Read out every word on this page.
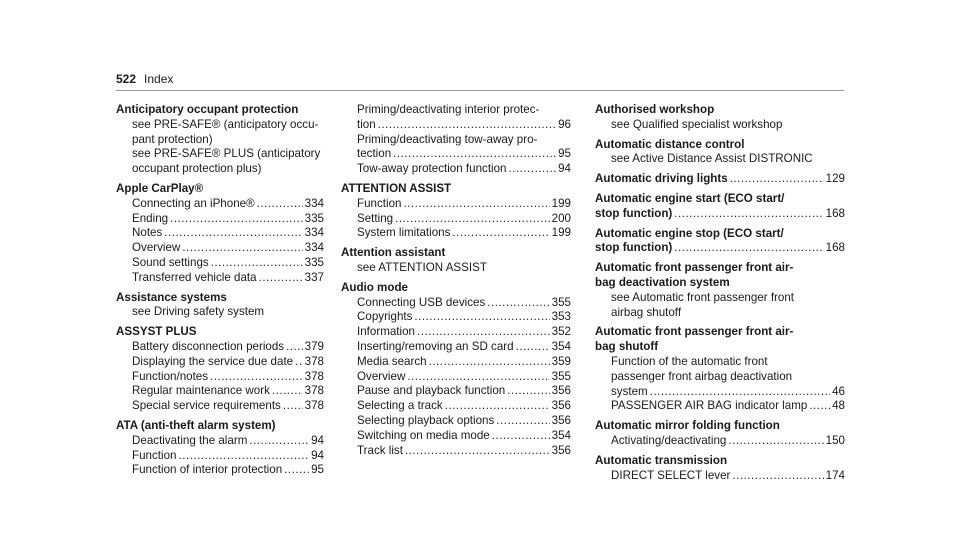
522 Index
Anticipatory occupant protection
see PRE-SAFE® (anticipatory occu-
pant protection)
see PRE-SAFE® PLUS (anticipatory
occupant protection plus)
Apple CarPlay®
Connecting an iPhone® .....	334
Ending .....	335
Notes .....	334
Overview .....	334
Sound settings .....	335
Transferred vehicle data .....	337
Assistance systems
see Driving safety system
ASSYST PLUS
Battery disconnection periods ..... 379
Displaying the service due date ..... 378
Function/notes .....	378
Regular maintenance work .....	378
Special service requirements ..... 378
ATA (anti-theft alarm system)
Deactivating the alarm .....	94
Function .....	94
Function of interior protection ..... 95
Priming/deactivating interior protec-
tion .....	96
Priming/deactivating tow-away pro-
tection .....	95
Tow-away protection function .....	94
ATTENTION ASSIST
Function .....	199
Setting .....	200
System limitations .....	199
Attention assistant
see ATTENTION ASSIST
Audio mode
Connecting USB devices .....	355
Copyrights .....	353
Information .....	352
Inserting/removing an SD card .....	354
Media search .....	359
Overview .....	355
Pause and playback function .....	356
Selecting a track .....	356
Selecting playback options .....	356
Switching on media mode .....	354
Track list .....	356
Authorised workshop
see Qualified specialist workshop
Automatic distance control
see Active Distance Assist DISTRONIC
Automatic driving lights .....	129
Automatic engine start (ECO start/
stop function) .....	168
Automatic engine stop (ECO start/
stop function) .....	168
Automatic front passenger front air-
bag deactivation system
see Automatic front passenger front
airbag shutoff
Automatic front passenger front air-
bag shutoff
Function of the automatic front
passenger front airbag deactivation
system .....	46
PASSENGER AIR BAG indicator lamp ..... 48
Automatic mirror folding function
Activating/deactivating .....	150
Automatic transmission
DIRECT SELECT lever .....	174
